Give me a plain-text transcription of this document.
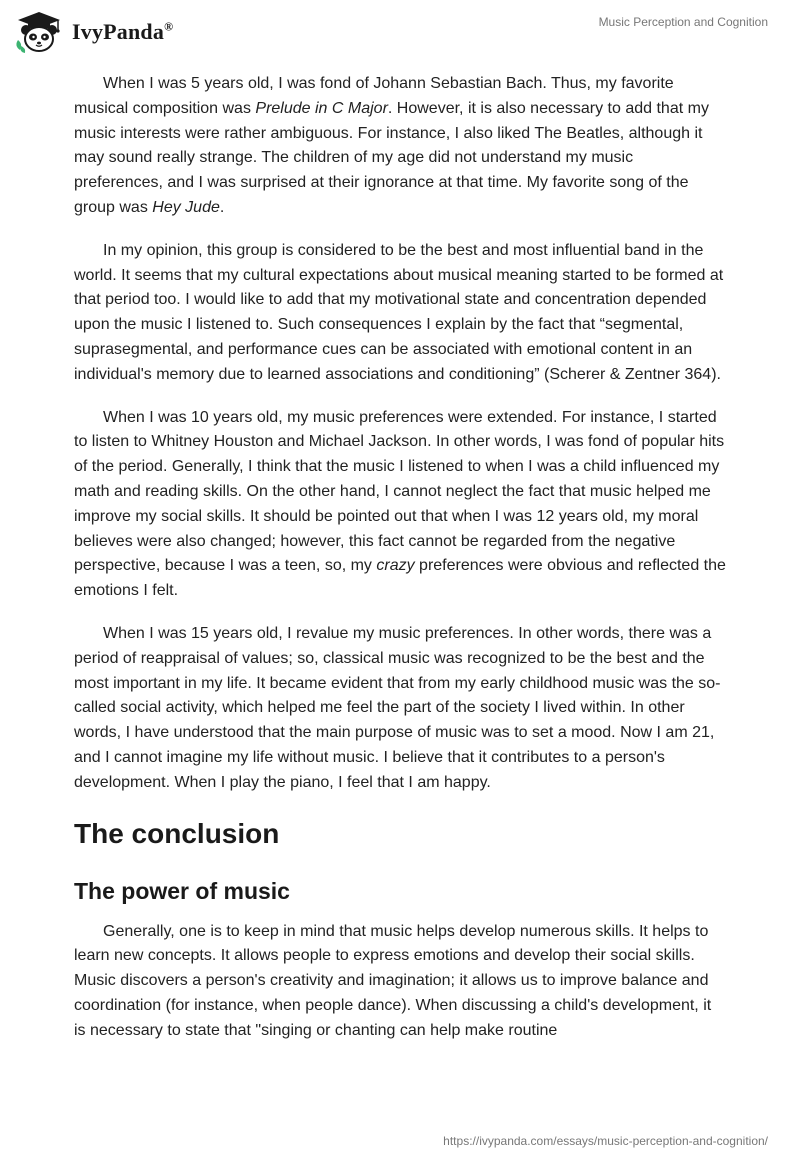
IvyPanda®	Music Perception and Cognition

When I was 5 years old, I was fond of Johann Sebastian Bach. Thus, my favorite musical composition was Prelude in C Major. However, it is also necessary to add that my music interests were rather ambiguous. For instance, I also liked The Beatles, although it may sound really strange. The children of my age did not understand my music preferences, and I was surprised at their ignorance at that time. My favorite song of the group was Hey Jude.

In my opinion, this group is considered to be the best and most influential band in the world. It seems that my cultural expectations about musical meaning started to be formed at that period too. I would like to add that my motivational state and concentration depended upon the music I listened to. Such consequences I explain by the fact that “segmental, suprasegmental, and performance cues can be associated with emotional content in an individual's memory due to learned associations and conditioning” (Scherer & Zentner 364).

When I was 10 years old, my music preferences were extended. For instance, I started to listen to Whitney Houston and Michael Jackson. In other words, I was fond of popular hits of the period. Generally, I think that the music I listened to when I was a child influenced my math and reading skills. On the other hand, I cannot neglect the fact that music helped me improve my social skills. It should be pointed out that when I was 12 years old, my moral believes were also changed; however, this fact cannot be regarded from the negative perspective, because I was a teen, so, my crazy preferences were obvious and reflected the emotions I felt.

When I was 15 years old, I revalue my music preferences. In other words, there was a period of reappraisal of values; so, classical music was recognized to be the best and the most important in my life. It became evident that from my early childhood music was the so-called social activity, which helped me feel the part of the society I lived within. In other words, I have understood that the main purpose of music was to set a mood. Now I am 21, and I cannot imagine my life without music. I believe that it contributes to a person's development. When I play the piano, I feel that I am happy.

The conclusion
The power of music

Generally, one is to keep in mind that music helps develop numerous skills. It helps to learn new concepts. It allows people to express emotions and develop their social skills. Music discovers a person's creativity and imagination; it allows us to improve balance and coordination (for instance, when people dance). When discussing a child's development, it is necessary to state that "singing or chanting can help make routine

https://ivypanda.com/essays/music-perception-and-cognition/
